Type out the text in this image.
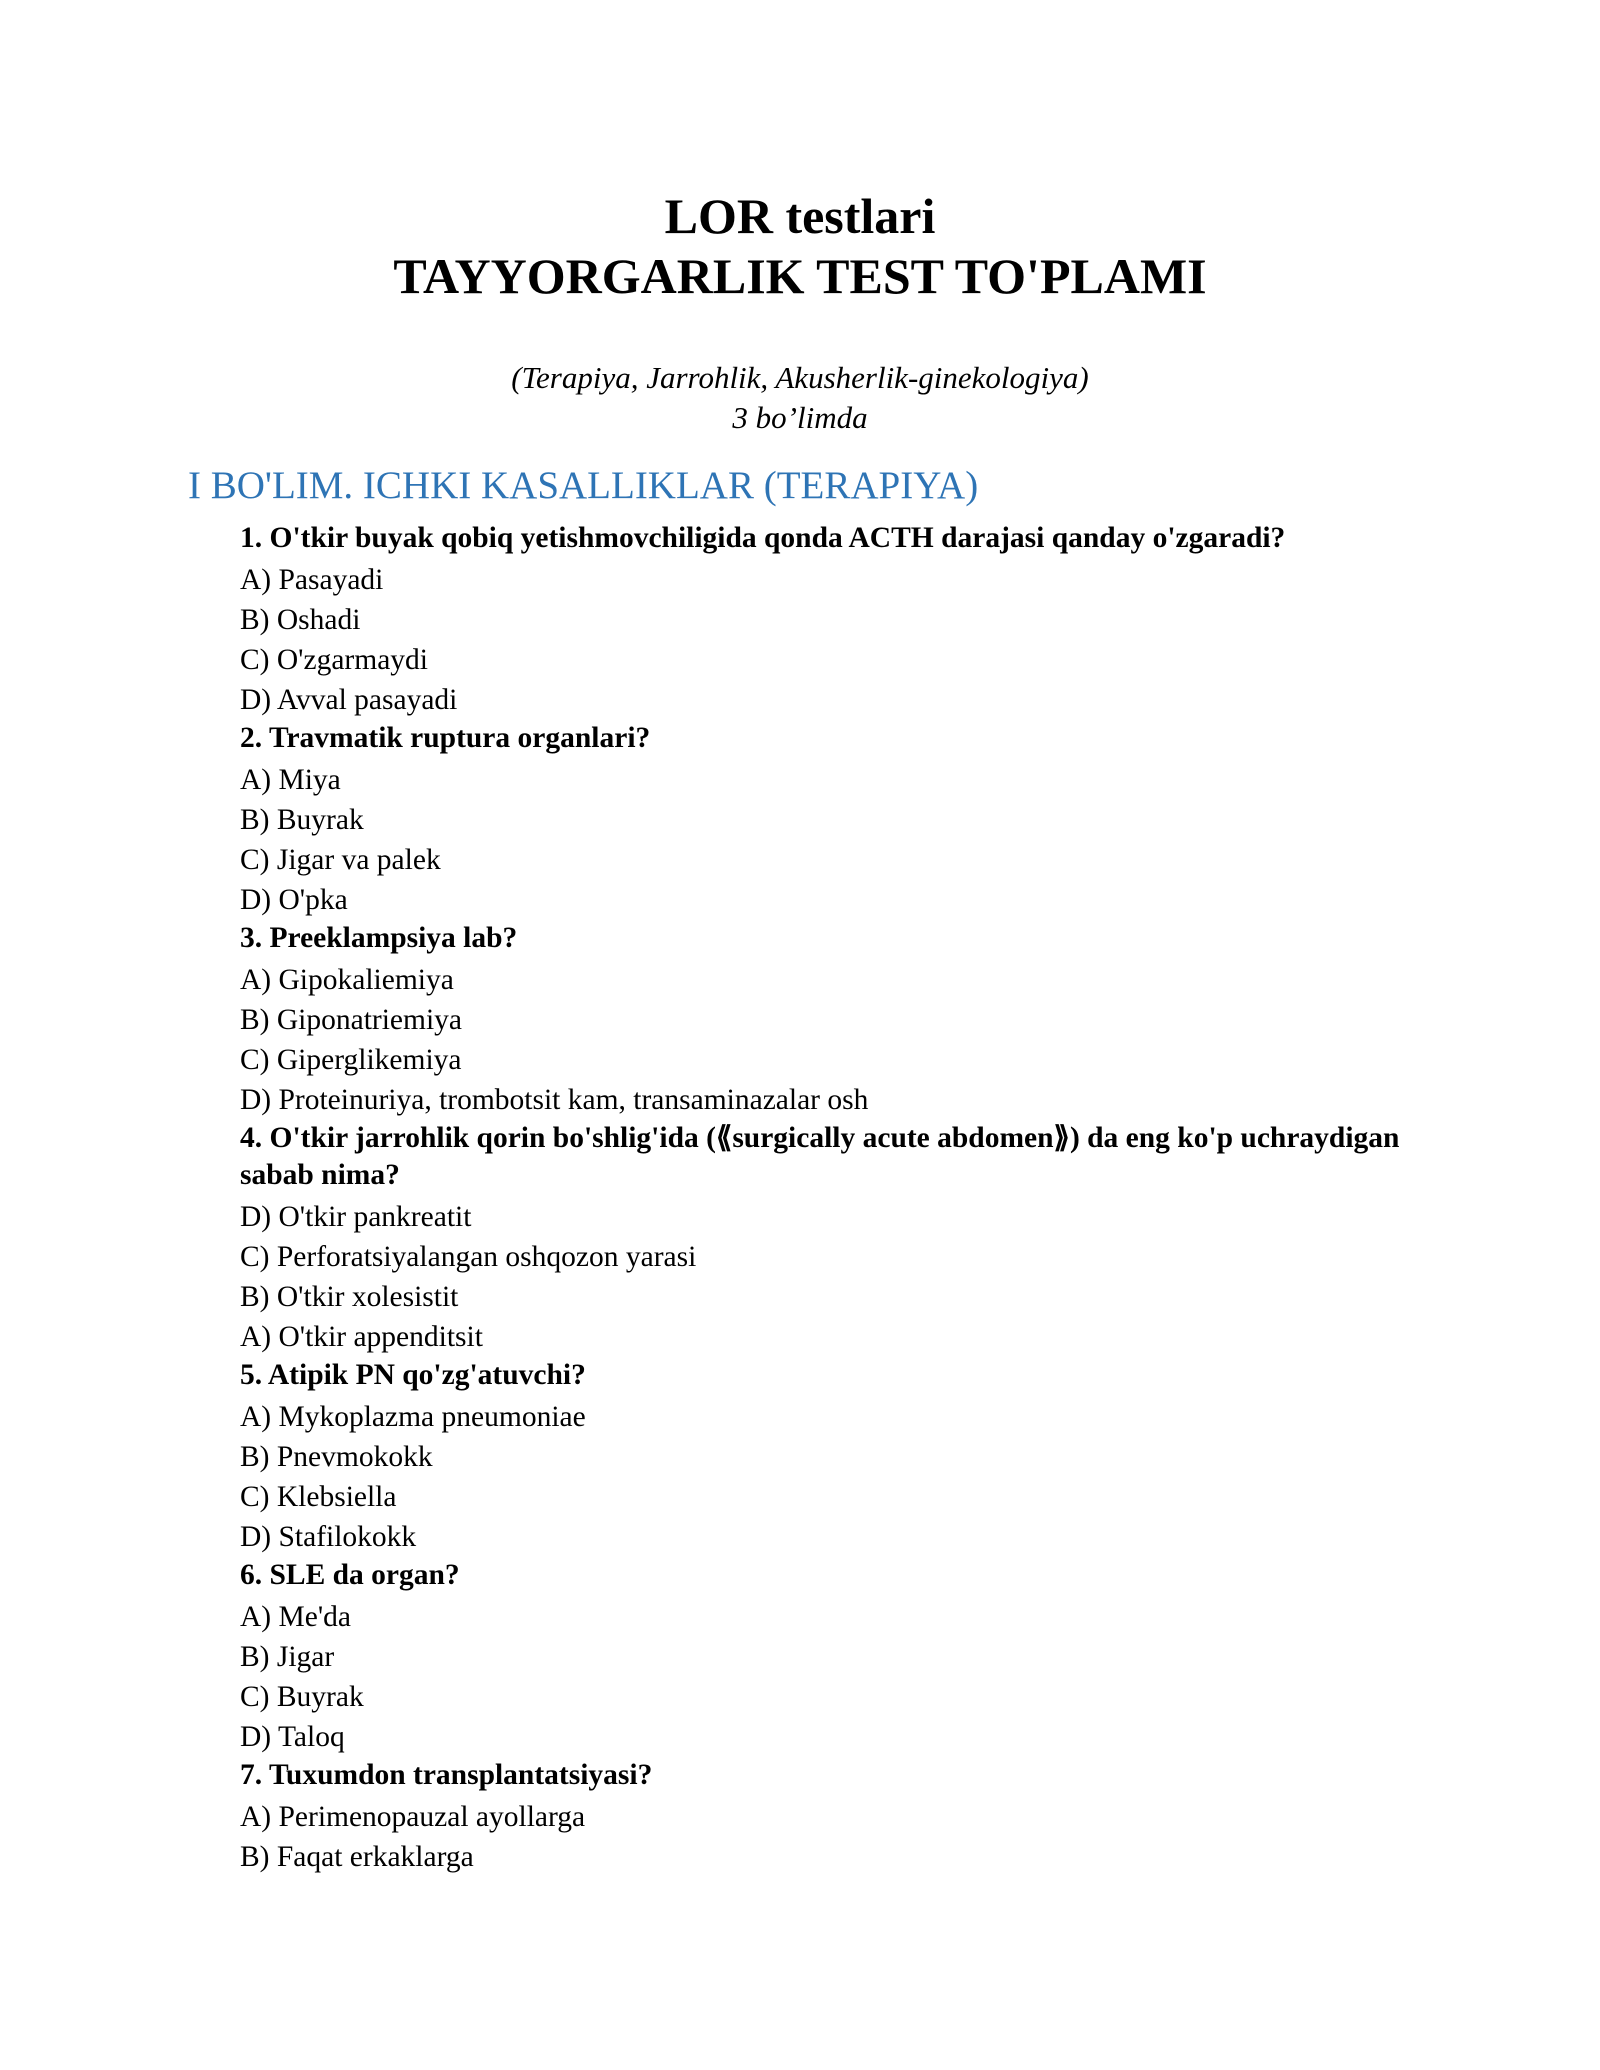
LOR testlari
TAYYORGARLIK TEST TO'PLAMI
(Terapiya, Jarrohlik, Akusherlik-ginekologiya)
3 bo’limda
I BO'LIM. ICHKI KASALLIKLAR (TERAPIYA)
1. O'tkir buyak qobiq yetishmovchiligida qonda ACTH darajasi qanday o'zgaradi?
A) Pasayadi
B) Oshadi
C) O'zgarmaydi
D) Avval pasayadi
2. Travmatik ruptura organlari?
A) Miya
B) Buyrak
C) Jigar va palek
D) O'pka
3. Preeklampsiya lab?
A) Gipokaliemiya
B) Giponatriemiya
C) Giperglikemiya
D) Proteinuriya, trombotsit kam, transaminazalar osh
4. O'tkir jarrohlik qorin bo'shlig'ida (⟪surgically acute abdomen⟫) da eng ko'p uchraydigan sabab nima?
D) O'tkir pankreatit
C) Perforatsiyalangan oshqozon yarasi
B) O'tkir xolesistit
A) O'tkir appenditsit
5. Atipik PN qo'zg'atuvchi?
A) Mykoplazma pneumoniae
B) Pnevmokokk
C) Klebsiella
D) Stafilokokk
6. SLE da organ?
A) Me'da
B) Jigar
C) Buyrak
D) Taloq
7. Tuxumdon transplantatsiyasi?
A) Perimenopauzal ayollarga
B) Faqat erkaklarga
